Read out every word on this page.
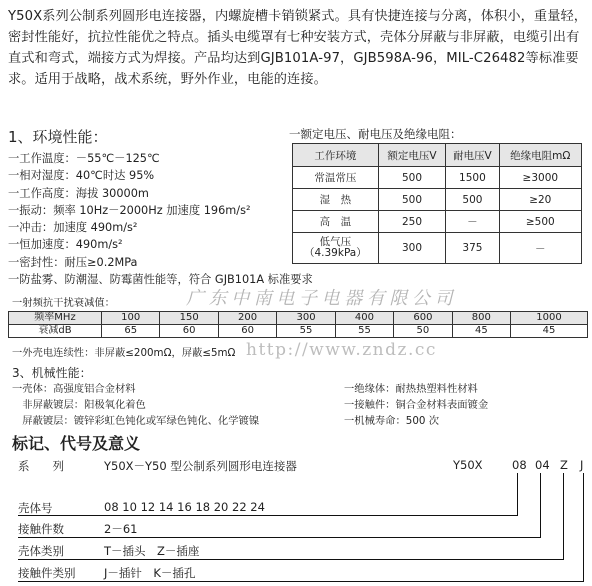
Y50X系列公制系列圆形电连接器，内螺旋槽卡销锁紧式。具有快捷连接与分离，体积小，重量轻，密封性能好，抗拉性能优之特点。插头电缆罩有七种安装方式，壳体分屏蔽与非屏蔽，电缆引出有直式和弯式，端接方式为焊接。产品均达到GJB101A-97，GJB598A-96，MIL-C26482等标准要求。适用于战略，战术系统，野外作业，电能的连接。
1、环境性能：
一工作温度：－55℃－125℃
一相对湿度：40℃时达 95%
一工作高度：海拔 30000m
一振动：频率 10Hz－2000Hz 加速度 196m/s²
一冲击：加速度 490m/s²
一恒加速度：490m/s²
一密封性：耐压≥0.2MPa
一防盐雾、防潮湿、防霉菌性能等，符合 GJB101A 标准要求
一额定电压、耐电压及绝缘电阻：
工作环境	额定电压V	耐电压V	绝缘电阻mΩ
常温常压	500	1500	≥3000
湿　热	500	500	≥20
高　温	250	－	≥500
低气压
（4.39kPa）	300	375	－
一射频抗干扰衰减值：	广东中南电子电器有限公司
频率MHz	100	150	200	300	400	600	800	1000
衰减dB	65	60	60	55	55	50	45	45
一外壳电连续性：非屏蔽≤200mΩ，屏蔽≤5mΩ http://www.zndz.cc
3、机械性能：
一壳体：高强度铝合金材料
　非屏蔽镀层：阳极氧化着色
　屏蔽镀层：镀锌彩虹色钝化或军绿色钝化、化学镀镍
一绝缘体：耐热热塑料性材料
一接触件：铜合金材料表面镀金
一机械寿命：500 次
标记、代号及意义
系　　列	Y50X－Y50 型公制系列圆形电连接器	Y50X	08 04 Z J
壳体号	08 10 12 14 16 18 20 22 24
接触件数	2－61
壳体类别	T－插头　Z－插座
接触件类别 J－插针　K－插孔
